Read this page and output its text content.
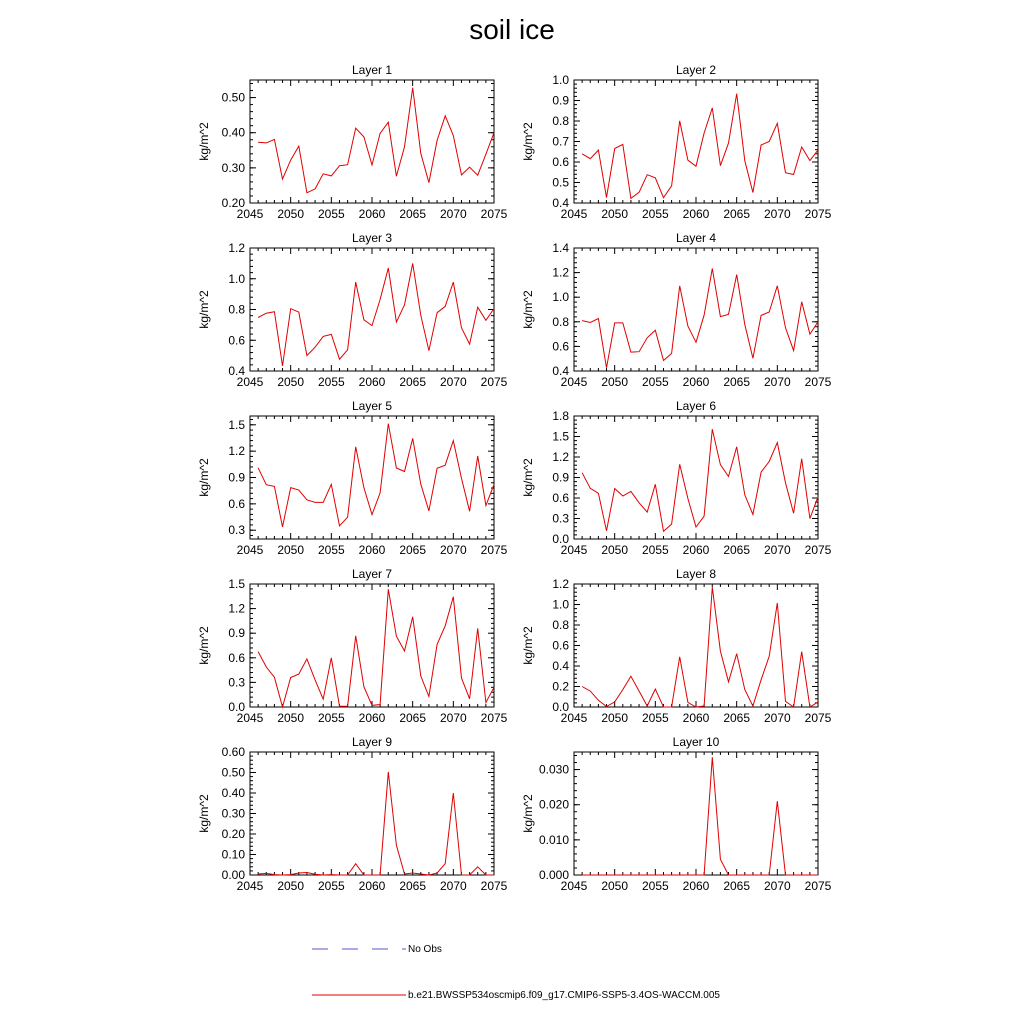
soil ice
Layer 1
kg/m^2
2045 2050 2055 2060 2065 2070 2075
0.20
0.30
0.40
0.50
Layer 2
kg/m^2
2045 2050 2055 2060 2065 2070 2075
0.4
0.5
0.6
0.7
0.8
0.9
1.0
Layer 3
kg/m^2
2045 2050 2055 2060 2065 2070 2075
0.4
0.6
0.8
1.0
1.2
Layer 4
kg/m^2
2045 2050 2055 2060 2065 2070 2075
0.4
0.6
0.8
1.0
1.2
1.4
Layer 5
kg/m^2
2045 2050 2055 2060 2065 2070 2075
0.3
0.6
0.9
1.2
1.5
Layer 6
kg/m^2
2045 2050 2055 2060 2065 2070 2075
0.0
0.3
0.6
0.9
1.2
1.5
1.8
Layer 7
kg/m^2
2045 2050 2055 2060 2065 2070 2075
0.0
0.3
0.6
0.9
1.2
1.5
Layer 8
kg/m^2
2045 2050 2055 2060 2065 2070 2075
0.0
0.2
0.4
0.6
0.8
1.0
1.2
Layer 9
kg/m^2
2045 2050 2055 2060 2065 2070 2075
0.00
0.10
0.20
0.30
0.40
0.50
0.60
Layer 10
kg/m^2
2045 2050 2055 2060 2065 2070 2075
0.000
0.010
0.020
0.030
No Obs
b.e21.BWSSP534oscmip6.f09_g17.CMIP6-SSP5-3.4OS-WACCM.005
